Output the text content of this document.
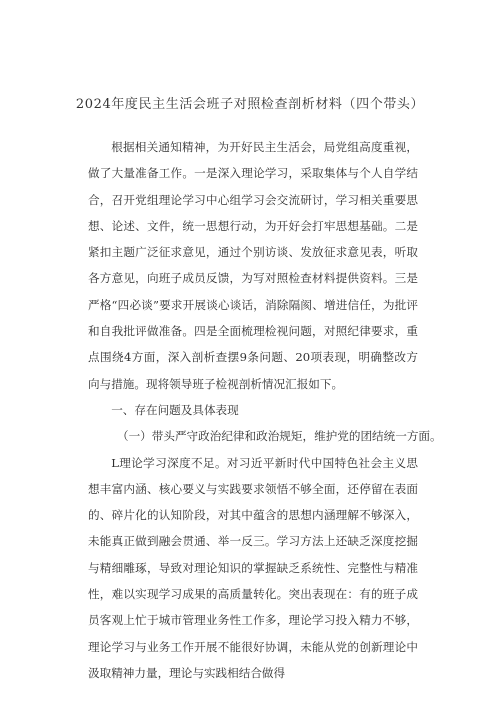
2024年度民主生活会班子对照检查剖析材料（四个带头）

根据相关通知精神，为开好民主生活会，局党组高度重视，做了大量准备工作。一是深入理论学习，采取集体与个人自学结合，召开党组理论学习中心组学习会交流研讨，学习相关重要思想、论述、文件，统一思想行动，为开好会打牢思想基础。二是紧扣主题广泛征求意见，通过个别访谈、发放征求意见表，听取各方意见，向班子成员反馈，为写对照检查材料提供资料。三是严格“四必谈”要求开展谈心谈话，消除隔阂、增进信任，为批评和自我批评做准备。四是全面梳理检视问题，对照纪律要求，重点围绕4方面，深入剖析查摆9条问题、20项表现，明确整改方向与措施。现将领导班子检视剖析情况汇报如下。

一、存在问题及具体表现

（一）带头严守政治纪律和政治规矩，维护党的团结统一方面。

L理论学习深度不足。对习近平新时代中国特色社会主义思想丰富内涵、核心要义与实践要求领悟不够全面，还停留在表面的、碎片化的认知阶段，对其中蕴含的思想内涵理解不够深入，未能真正做到融会贯通、举一反三。学习方法上还缺乏深度挖掘与精细雕琢，导致对理论知识的掌握缺乏系统性、完整性与精准性，难以实现学习成果的高质量转化。突出表现在：有的班子成员客观上忙于城市管理业务性工作多，理论学习投入精力不够，理论学习与业务工作开展不能很好协调，未能从党的创新理论中汲取精神力量，理论与实践相结合做得
